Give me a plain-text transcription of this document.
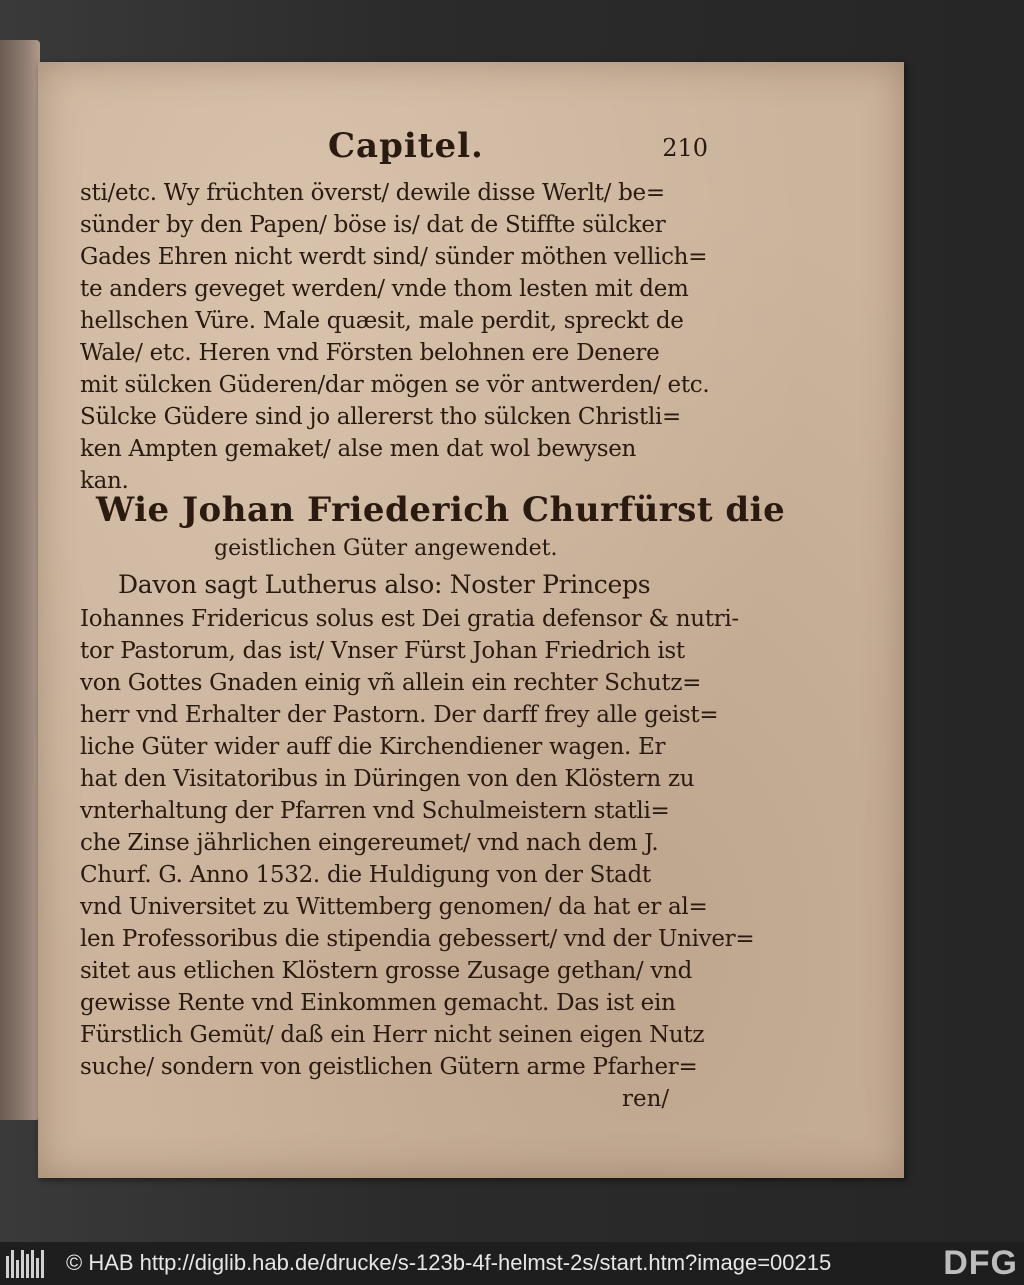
Capitel.	210
sti/etc. Wy früchten överst/ dewile disse Werlt/ be=
sünder by den Papen/ böse is/ dat de Stiffte sülcker
Gades Ehren nicht werdt sind/ sünder möthen vellich=
te anders geveget werden/ vnde thom lesten mit dem
hellschen Vüre. Male quæsit, male perdit, spreckt de
Wale/ etc. Heren vnd Försten belohnen ere Denere
mit sülcken Güderen/dar mögen se vör antwerden/ etc.
Sülcke Güdere sind jo allererst tho sülcken Christli=
ken Ampten gemaket/ alse men dat wol bewysen
kan.
Wie Johan Friederich Churfürst die
geistlichen Güter angewendet.
Davon sagt Lutherus also: Noster Princeps
Iohannes Fridericus solus est Dei gratia defensor & nutri-
tor Pastorum, das ist/ Vnser Fürst Johan Friedrich ist
von Gottes Gnaden einig vñ allein ein rechter Schutz=
herr vnd Erhalter der Pastorn. Der darff frey alle geist=
liche Güter wider auff die Kirchendiener wagen. Er
hat den Visitatoribus in Düringen von den Klöstern zu
vnterhaltung der Pfarren vnd Schulmeistern statli=
che Zinse jährlichen eingereumet/ vnd nach dem J.
Churf. G. Anno 1532. die Huldigung von der Stadt
vnd Universitet zu Wittemberg genomen/ da hat er al=
len Professoribus die stipendia gebessert/ vnd der Univer=
sitet aus etlichen Klöstern grosse Zusage gethan/ vnd
gewisse Rente vnd Einkommen gemacht. Das ist ein
Fürstlich Gemüt/ daß ein Herr nicht seinen eigen Nutz
suche/ sondern von geistlichen Gütern arme Pfarher=
ren/
© HAB http://diglib.hab.de/drucke/s-123b-4f-helmst-2s/start.htm?image=00215	DFG
